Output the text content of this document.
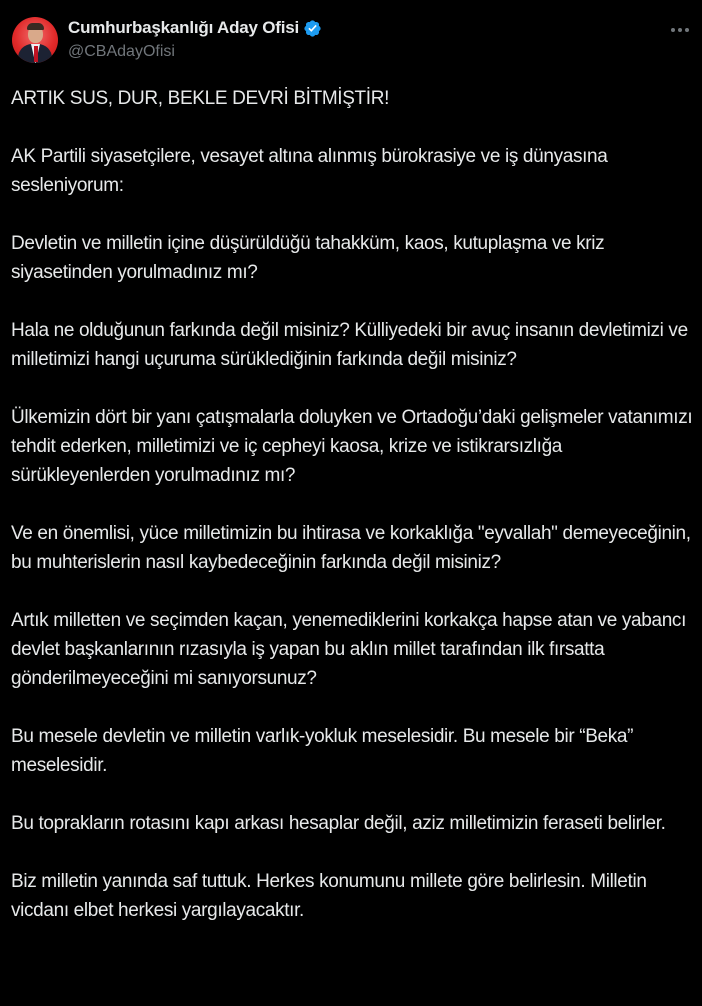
Cumhurbaşkanlığı Aday Ofisi
@CBAdayOfisi

ARTIK SUS, DUR, BEKLE DEVRİ BİTMİŞTİR!

AK Partili siyasetçilere, vesayet altına alınmış bürokrasiye ve iş dünyasına sesleniyorum:

Devletin ve milletin içine düşürüldüğü tahakküm, kaos, kutuplaşma ve kriz siyasetinden yorulmadınız mı?

Hala ne olduğunun farkında değil misiniz? Külliyedeki bir avuç insanın devletimizi ve milletimizi hangi uçuruma sürüklediğinin farkında değil misiniz?

Ülkemizin dört bir yanı çatışmalarla doluyken ve Ortadoğu’daki gelişmeler vatanımızı tehdit ederken, milletimizi ve iç cepheyi kaosa, krize ve istikrarsızlığa sürükleyenlerden yorulmadınız mı?

Ve en önemlisi, yüce milletimizin bu ihtirasa ve korkaklığa "eyvallah" demeyeceğinin, bu muhterislerin nasıl kaybedeceğinin farkında değil misiniz?

Artık milletten ve seçimden kaçan, yenemediklerini korkakça hapse atan ve yabancı devlet başkanlarının rızasıyla iş yapan bu aklın millet tarafından ilk fırsatta gönderilmeyeceğini mi sanıyorsunuz?

Bu mesele devletin ve milletin varlık-yokluk meselesidir. Bu mesele bir “Beka” meselesidir.

Bu toprakların rotasını kapı arkası hesaplar değil, aziz milletimizin feraseti belirler.

Biz milletin yanında saf tuttuk. Herkes konumunu millete göre belirlesin. Milletin vicdanı elbet herkesi yargılayacaktır.
